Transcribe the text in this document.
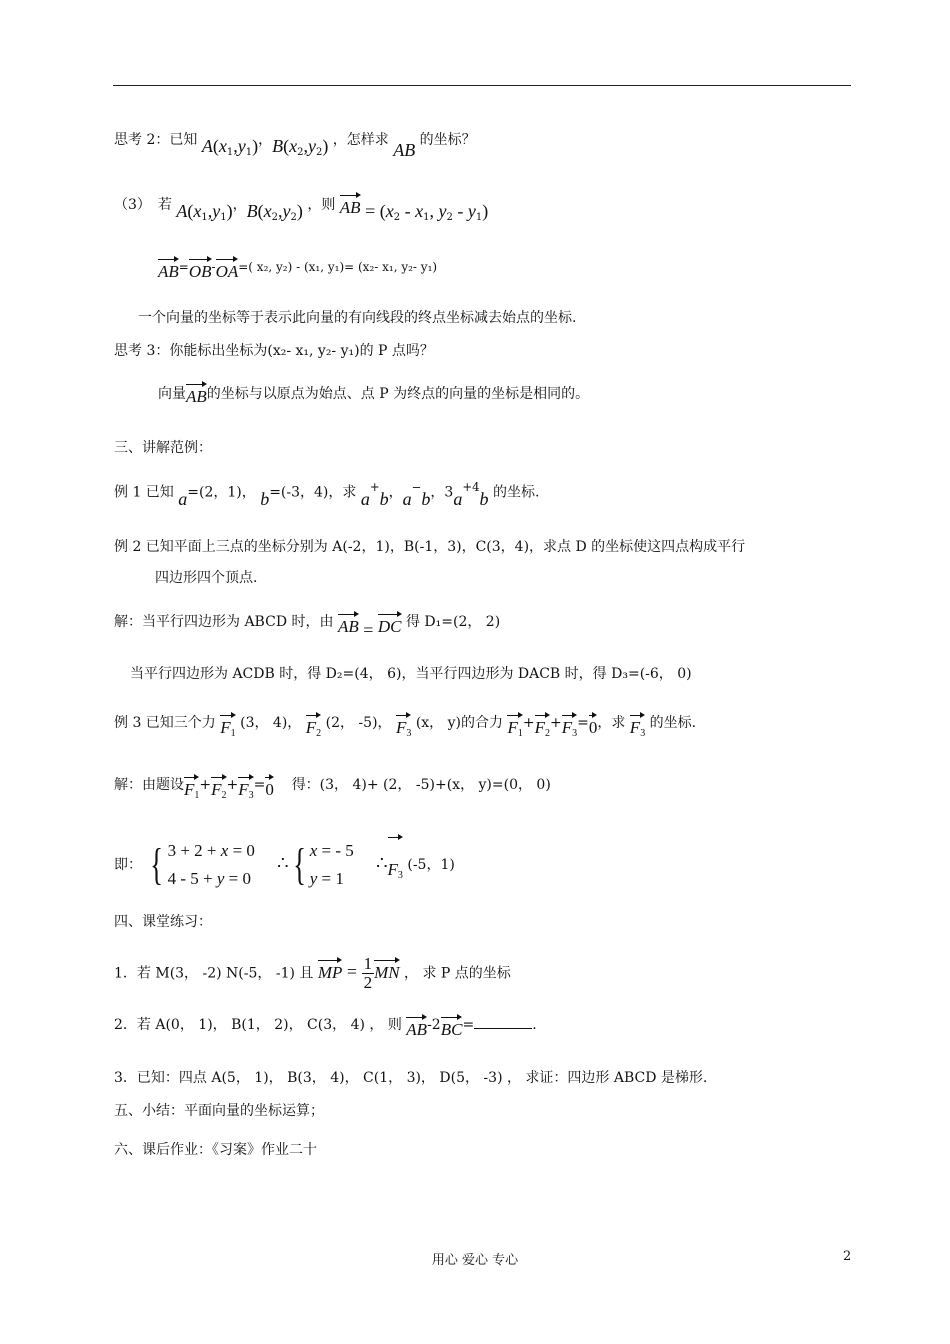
思考 2：已知 $A(x_1,y_1)$，$B(x_2,y_2)$ ，怎样求 AB 的坐标？
（3）　若 $A(x_1,y_1)$，$B(x_2,y_2)$ ，则 AB = ($x_2 - x_1$, $y_2 - y_1$)
AB=OB-OA=( x₂, y₂) - (x₁, y₁)= (x₂- x₁, y₂- y₁)
一个向量的坐标等于表示此向量的有向线段的终点坐标减去始点的坐标.
思考 3：你能标出坐标为(x₂- x₁, y₂- y₁)的 P 点吗？
向量AB的坐标与以原点为始点、点 P 为终点的向量的坐标是相同的。
三、讲解范例：
例 1 已知 a=(2，1)， b=(-3，4)，求 a+b，a−b，$3a^{+4}b$ 的坐标.
例 2 已知平面上三点的坐标分别为 A(-2，1)，B(-1，3)，C(3，4)，求点 D 的坐标使这四点构成平行
四边形四个顶点.
解：当平行四边形为 ABCD 时，由 AB = DC 得 D₁=(2， 2)
当平行四边形为 ACDB 时，得 D₂=(4， 6)，当平行四边形为 DACB 时，得 D₃=(-6， 0)
例 3 已知三个力 $F_1$ (3， 4)， $F_2$ (2， -5)， $F_3$ (x， y)的合力 $F_1+F_2+F_3=0$，求 $F_3$ 的坐标.
解：由题设$F_1+F_2+F_3=0$ 得：(3， 4)+ (2， -5)+(x， y)=(0， 0)
即： { 3 + 2 + x = 0
4 - 5 + y = 0     ∴{ x = - 5
y = 1     $\therefore F_3$ (-5，1)
四、课堂练习：
1．若 M(3， -2) N(-5， -1) 且 MP = $\frac{1}{2}$ MN ， 求 P 点的坐标
2．若 A(0， 1)， B(1， 2)， C(3， 4) ， 则 AB-2BC=	.
3．已知：四点 A(5， 1)， B(3， 4)， C(1， 3)， D(5， -3) ， 求证：四边形 ABCD 是梯形.
五、小结：平面向量的坐标运算；
六、课后作业：《习案》作业二十
用心 爱心 专心	2
